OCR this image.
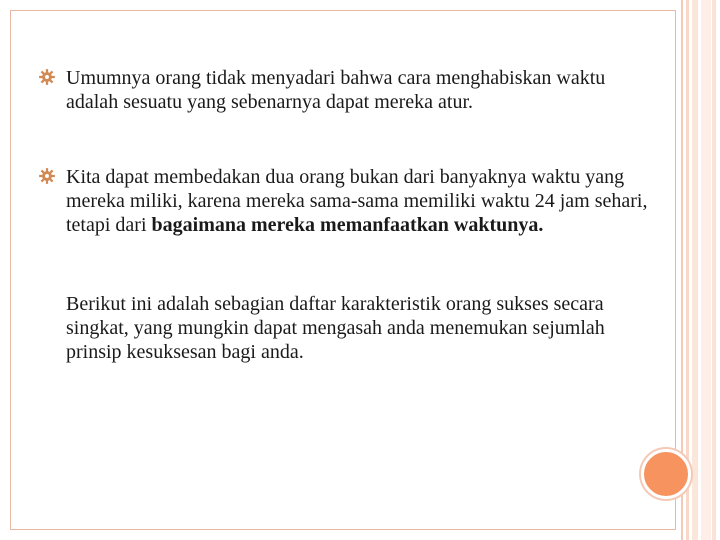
Umumnya orang tidak menyadari bahwa cara menghabiskan waktu adalah sesuatu yang sebenarnya dapat mereka atur.
Kita dapat membedakan dua orang bukan dari banyaknya waktu yang mereka miliki, karena mereka sama-sama memiliki waktu 24 jam sehari, tetapi dari bagaimana mereka memanfaatkan waktunya.
Berikut ini adalah sebagian daftar karakteristik orang sukses secara singkat, yang mungkin dapat mengasah anda menemukan sejumlah prinsip kesuksesan bagi anda.
